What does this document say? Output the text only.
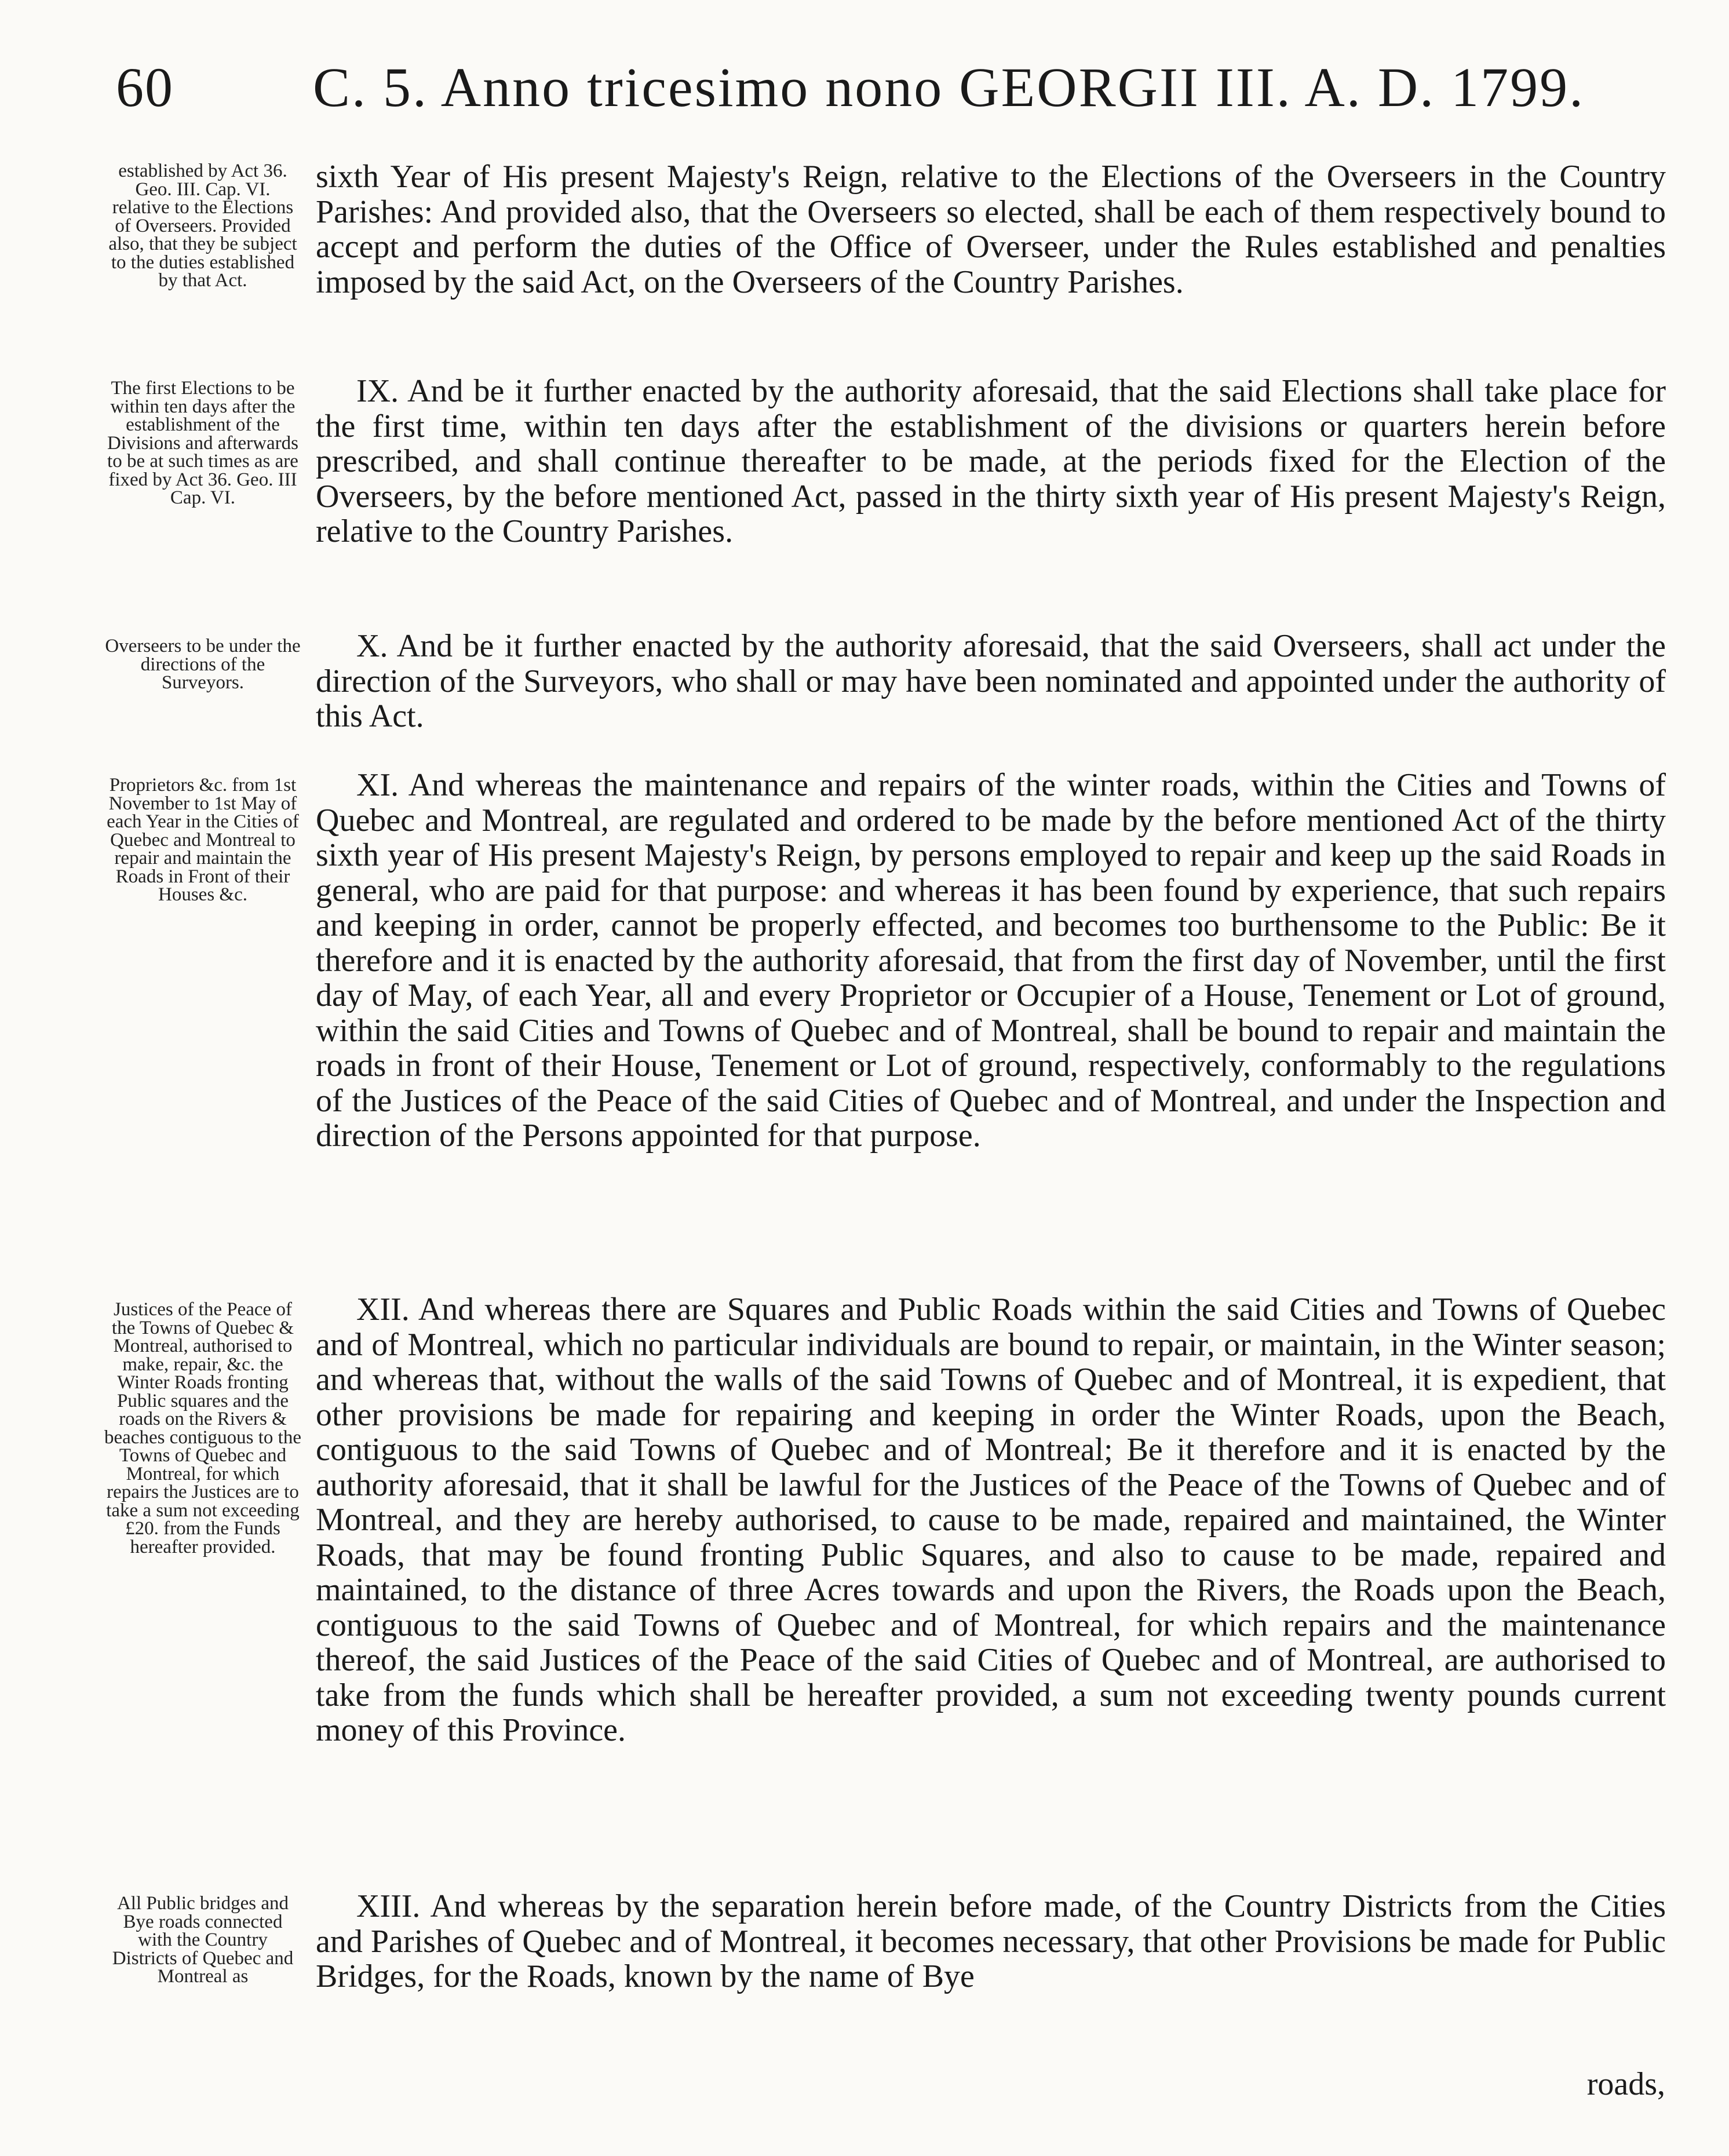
60	C. 5. Anno tricesimo nono GEORGII III. A. D. 1799.
established by Act 36. Geo. III. Cap. VI. relative to the Elections of Overseers. Provided also, that they be subject to the duties established by that Act.
The first Elections to be within ten days after the establishment of the Divisions and afterwards to be at such times as are fixed by Act 36. Geo. III Cap. VI.
Overseers to be under the directions of the Surveyors.
Proprietors &c. from 1st November to 1st May of each Year in the Cities of Quebec and Montreal to repair and maintain the Roads in Front of their Houses &c.
Justices of the Peace of the Towns of Quebec & Montreal, authorised to make, repair, &c. the Winter Roads fronting Public squares and the roads on the Rivers & beaches contiguous to the Towns of Quebec and Montreal, for which repairs the Justices are to take a sum not exceeding £20. from the Funds hereafter provided.
All Public bridges and Bye roads connected with the Country Districts of Quebec and Montreal as

sixth Year of His present Majesty's Reign, relative to the Elections of the Overseers in the Country Parishes: And provided also, that the Overseers so elected, shall be each of them respectively bound to accept and perform the duties of the Office of Overseer, under the Rules established and penalties imposed by the said Act, on the Overseers of the Country Parishes.

IX. And be it further enacted by the authority aforesaid, that the said Elections shall take place for the first time, within ten days after the establishment of the divisions or quarters herein before prescribed, and shall continue thereafter to be made, at the periods fixed for the Election of the Overseers, by the before mentioned Act, passed in the thirty sixth year of His present Majesty's Reign, relative to the Country Parishes.

X. And be it further enacted by the authority aforesaid, that the said Overseers, shall act under the direction of the Surveyors, who shall or may have been nominated and appointed under the authority of this Act.

XI. And whereas the maintenance and repairs of the winter roads, within the Cities and Towns of Quebec and Montreal, are regulated and ordered to be made by the before mentioned Act of the thirty sixth year of His present Majesty's Reign, by persons employed to repair and keep up the said Roads in general, who are paid for that purpose: and whereas it has been found by experience, that such repairs and keeping in order, cannot be properly effected, and becomes too burthensome to the Public: Be it therefore and it is enacted by the authority aforesaid, that from the first day of November, until the first day of May, of each Year, all and every Proprietor or Occupier of a House, Tenement or Lot of ground, within the said Cities and Towns of Quebec and of Montreal, shall be bound to repair and maintain the roads in front of their House, Tenement or Lot of ground, respectively, conformably to the regulations of the Justices of the Peace of the said Cities of Quebec and of Montreal, and under the Inspection and direction of the Persons appointed for that purpose.

XII. And whereas there are Squares and Public Roads within the said Cities and Towns of Quebec and of Montreal, which no particular individuals are bound to repair, or maintain, in the Winter season; and whereas that, without the walls of the said Towns of Quebec and of Montreal, it is expedient, that other provisions be made for repairing and keeping in order the Winter Roads, upon the Beach, contiguous to the said Towns of Quebec and of Montreal; Be it therefore and it is enacted by the authority aforesaid, that it shall be lawful for the Justices of the Peace of the Towns of Quebec and of Montreal, and they are hereby authorised, to cause to be made, repaired and maintained, the Winter Roads, that may be found fronting Public Squares, and also to cause to be made, repaired and maintained, to the distance of three Acres towards and upon the Rivers, the Roads upon the Beach, contiguous to the said Towns of Quebec and of Montreal, for which repairs and the maintenance thereof, the said Justices of the Peace of the said Cities of Quebec and of Montreal, are authorised to take from the funds which shall be hereafter provided, a sum not exceeding twenty pounds current money of this Province.

XIII. And whereas by the separation herein before made, of the Country Districts from the Cities and Parishes of Quebec and of Montreal, it becomes necessary, that other Provisions be made for Public Bridges, for the Roads, known by the name of Bye

roads,
